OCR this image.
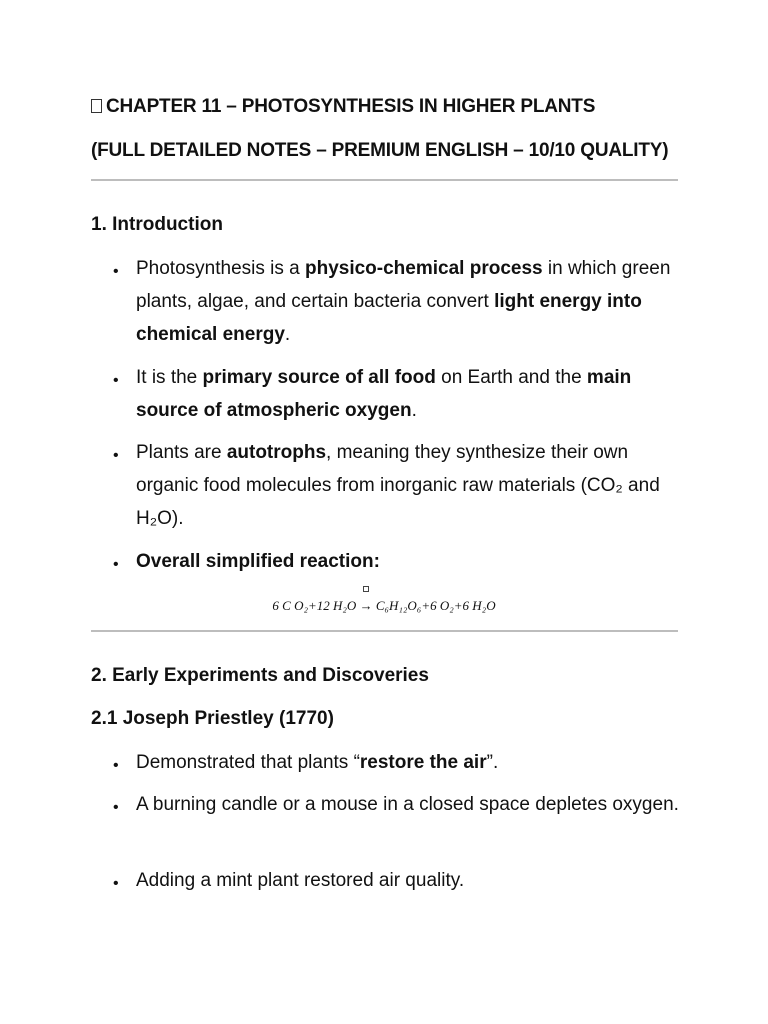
CHAPTER 11 – PHOTOSYNTHESIS IN HIGHER PLANTS
(FULL DETAILED NOTES – PREMIUM ENGLISH – 10/10 QUALITY)
1. Introduction
• Photosynthesis is a physico-chemical process in which green plants, algae, and certain bacteria convert light energy into chemical energy.
• It is the primary source of all food on Earth and the main source of atmospheric oxygen.
• Plants are autotrophs, meaning they synthesize their own organic food molecules from inorganic raw materials (CO₂ and H₂O).
• Overall simplified reaction:
6 C O₂+12 H₂O → C₆H₁₂O₆+6 O₂+6 H₂O
2. Early Experiments and Discoveries
2.1 Joseph Priestley (1770)
• Demonstrated that plants “restore the air”.
• A burning candle or a mouse in a closed space depletes oxygen.
• Adding a mint plant restored air quality.
